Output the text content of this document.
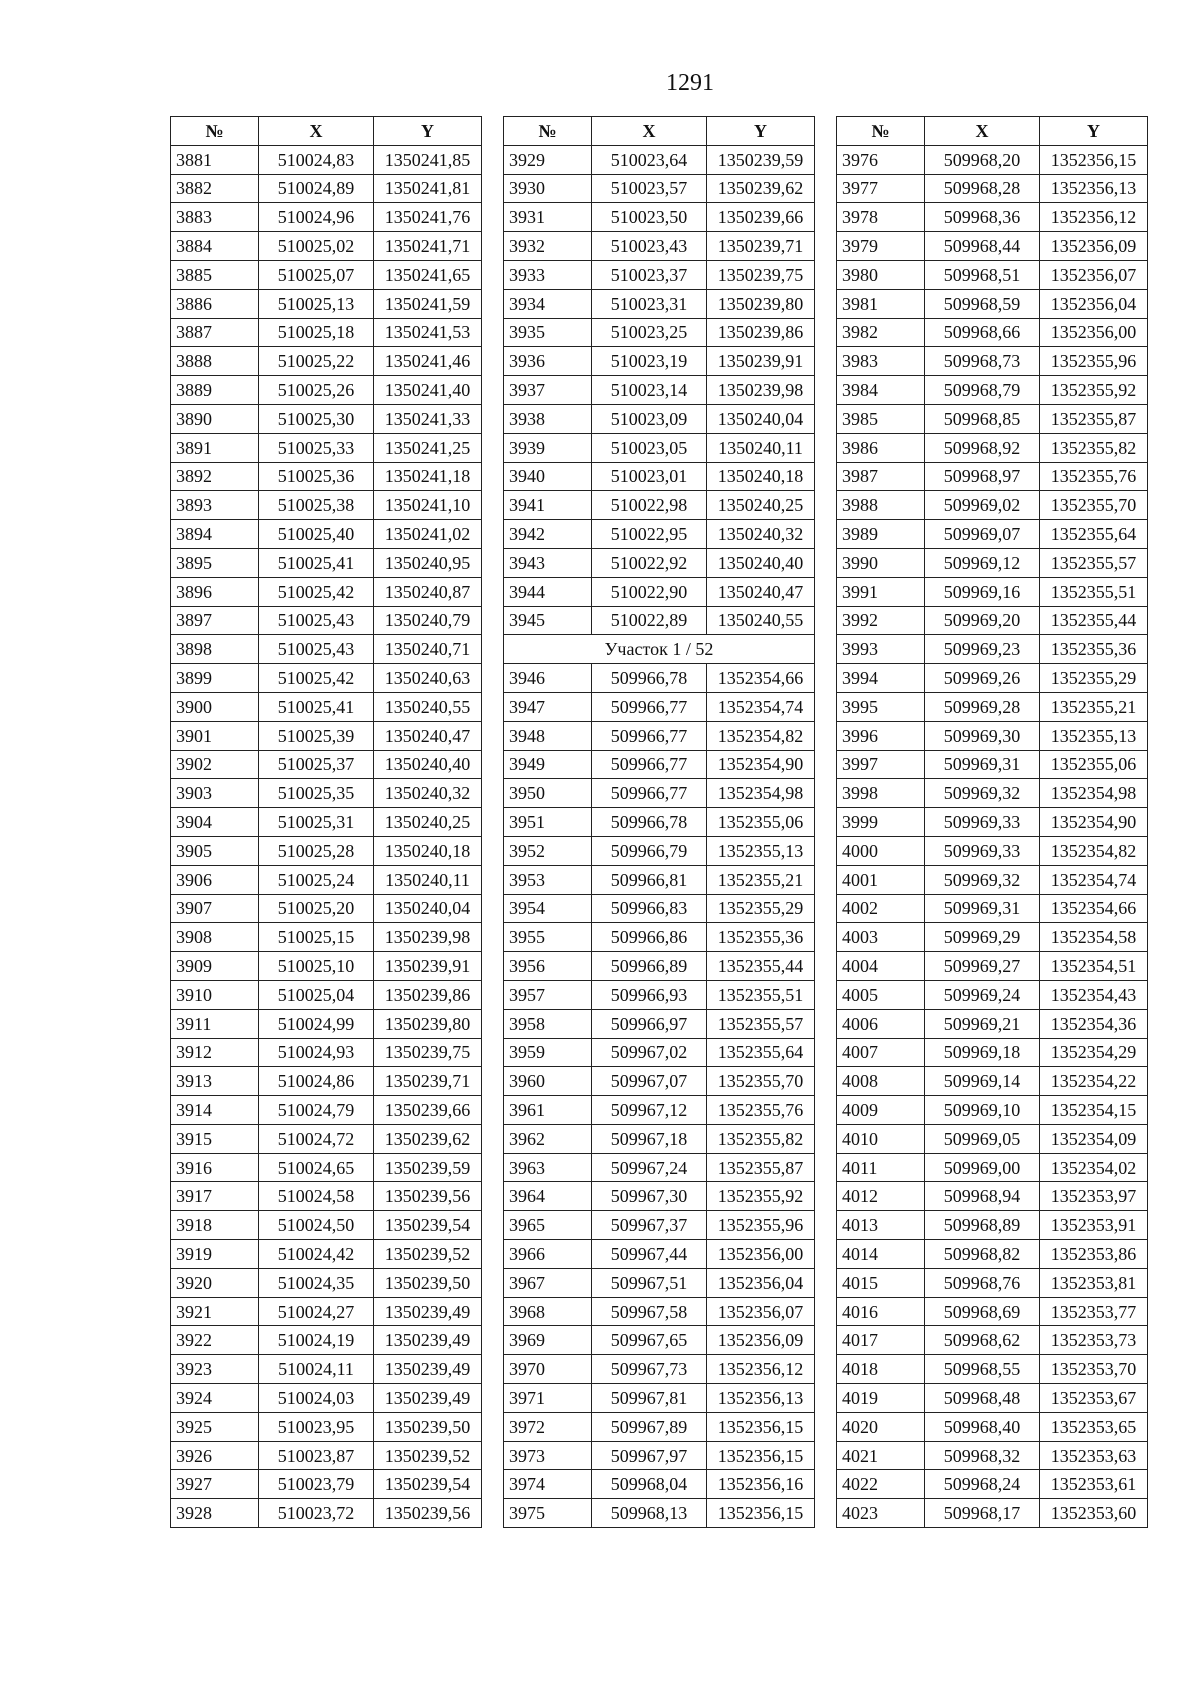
1291
№	X	Y
3881	510024,83	1350241,85
3882	510024,89	1350241,81
3883	510024,96	1350241,76
3884	510025,02	1350241,71
3885	510025,07	1350241,65
3886	510025,13	1350241,59
3887	510025,18	1350241,53
3888	510025,22	1350241,46
3889	510025,26	1350241,40
3890	510025,30	1350241,33
3891	510025,33	1350241,25
3892	510025,36	1350241,18
3893	510025,38	1350241,10
3894	510025,40	1350241,02
3895	510025,41	1350240,95
3896	510025,42	1350240,87
3897	510025,43	1350240,79
3898	510025,43	1350240,71
3899	510025,42	1350240,63
3900	510025,41	1350240,55
3901	510025,39	1350240,47
3902	510025,37	1350240,40
3903	510025,35	1350240,32
3904	510025,31	1350240,25
3905	510025,28	1350240,18
3906	510025,24	1350240,11
3907	510025,20	1350240,04
3908	510025,15	1350239,98
3909	510025,10	1350239,91
3910	510025,04	1350239,86
3911	510024,99	1350239,80
3912	510024,93	1350239,75
3913	510024,86	1350239,71
3914	510024,79	1350239,66
3915	510024,72	1350239,62
3916	510024,65	1350239,59
3917	510024,58	1350239,56
3918	510024,50	1350239,54
3919	510024,42	1350239,52
3920	510024,35	1350239,50
3921	510024,27	1350239,49
3922	510024,19	1350239,49
3923	510024,11	1350239,49
3924	510024,03	1350239,49
3925	510023,95	1350239,50
3926	510023,87	1350239,52
3927	510023,79	1350239,54
3928	510023,72	1350239,56
№	X	Y
3929	510023,64	1350239,59
3930	510023,57	1350239,62
3931	510023,50	1350239,66
3932	510023,43	1350239,71
3933	510023,37	1350239,75
3934	510023,31	1350239,80
3935	510023,25	1350239,86
3936	510023,19	1350239,91
3937	510023,14	1350239,98
3938	510023,09	1350240,04
3939	510023,05	1350240,11
3940	510023,01	1350240,18
3941	510022,98	1350240,25
3942	510022,95	1350240,32
3943	510022,92	1350240,40
3944	510022,90	1350240,47
3945	510022,89	1350240,55
Участок 1 / 52		
3946	509966,78	1352354,66
3947	509966,77	1352354,74
3948	509966,77	1352354,82
3949	509966,77	1352354,90
3950	509966,77	1352354,98
3951	509966,78	1352355,06
3952	509966,79	1352355,13
3953	509966,81	1352355,21
3954	509966,83	1352355,29
3955	509966,86	1352355,36
3956	509966,89	1352355,44
3957	509966,93	1352355,51
3958	509966,97	1352355,57
3959	509967,02	1352355,64
3960	509967,07	1352355,70
3961	509967,12	1352355,76
3962	509967,18	1352355,82
3963	509967,24	1352355,87
3964	509967,30	1352355,92
3965	509967,37	1352355,96
3966	509967,44	1352356,00
3967	509967,51	1352356,04
3968	509967,58	1352356,07
3969	509967,65	1352356,09
3970	509967,73	1352356,12
3971	509967,81	1352356,13
3972	509967,89	1352356,15
3973	509967,97	1352356,15
3974	509968,04	1352356,16
3975	509968,13	1352356,15
№	X	Y
3976	509968,20	1352356,15
3977	509968,28	1352356,13
3978	509968,36	1352356,12
3979	509968,44	1352356,09
3980	509968,51	1352356,07
3981	509968,59	1352356,04
3982	509968,66	1352356,00
3983	509968,73	1352355,96
3984	509968,79	1352355,92
3985	509968,85	1352355,87
3986	509968,92	1352355,82
3987	509968,97	1352355,76
3988	509969,02	1352355,70
3989	509969,07	1352355,64
3990	509969,12	1352355,57
3991	509969,16	1352355,51
3992	509969,20	1352355,44
3993	509969,23	1352355,36
3994	509969,26	1352355,29
3995	509969,28	1352355,21
3996	509969,30	1352355,13
3997	509969,31	1352355,06
3998	509969,32	1352354,98
3999	509969,33	1352354,90
4000	509969,33	1352354,82
4001	509969,32	1352354,74
4002	509969,31	1352354,66
4003	509969,29	1352354,58
4004	509969,27	1352354,51
4005	509969,24	1352354,43
4006	509969,21	1352354,36
4007	509969,18	1352354,29
4008	509969,14	1352354,22
4009	509969,10	1352354,15
4010	509969,05	1352354,09
4011	509969,00	1352354,02
4012	509968,94	1352353,97
4013	509968,89	1352353,91
4014	509968,82	1352353,86
4015	509968,76	1352353,81
4016	509968,69	1352353,77
4017	509968,62	1352353,73
4018	509968,55	1352353,70
4019	509968,48	1352353,67
4020	509968,40	1352353,65
4021	509968,32	1352353,63
4022	509968,24	1352353,61
4023	509968,17	1352353,60
